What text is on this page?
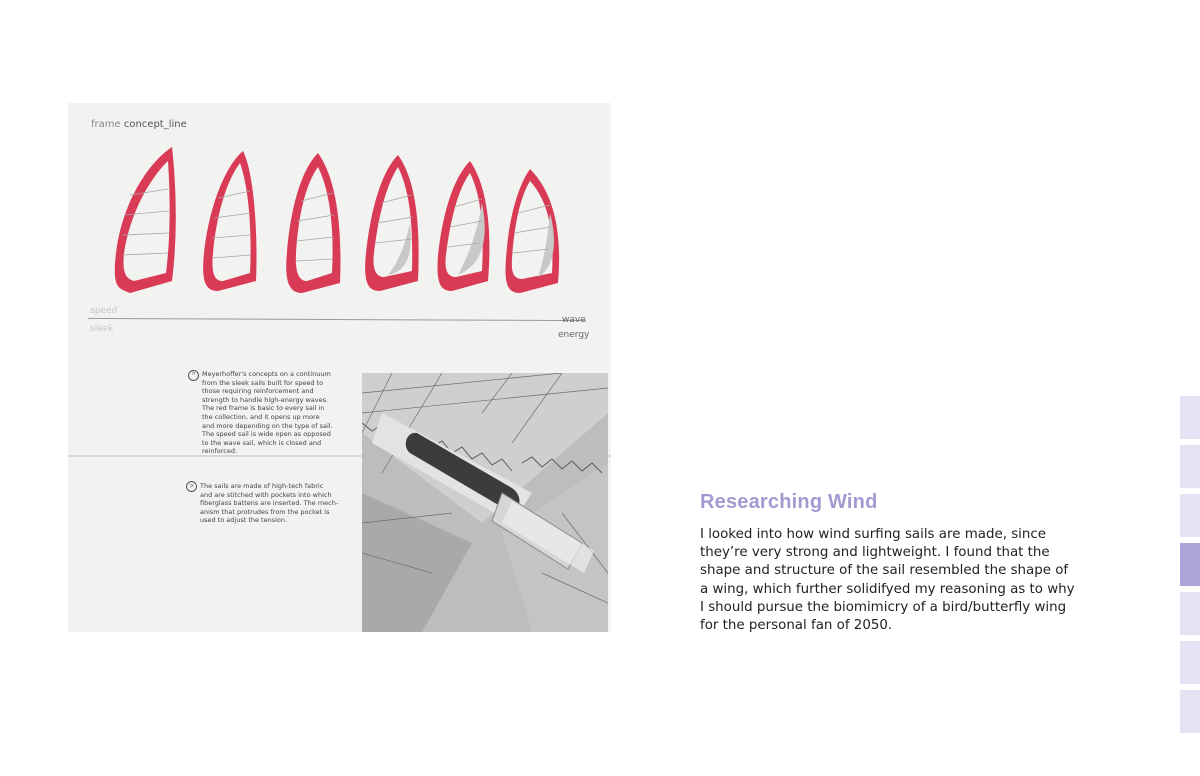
frame concept_line
speed
sleek
wave
energy
^	Meyerhoffer's concepts on a continuum
from the sleek sails built for speed to
those requiring reinforcement and
strength to handle high-energy waves.
The red frame is basic to every sail in
the collection, and it opens up more
and more depending on the type of sail.
The speed sail is wide open as opposed
to the wave sail, which is closed and
reinforced.
> The sails are made of high-tech fabric
and are stitched with pockets into which
fiberglass battens are inserted. The mech-
anism that protrudes from the pocket is
used to adjust the tension.
Researching Wind
I looked into how wind surfing sails are made, since
they’re very strong and lightweight. I found that the
shape and structure of the sail resembled the shape of
a wing, which further solidifyed my reasoning as to why
I should pursue the biomimicry of a bird/butterfly wing
for the personal fan of 2050.
